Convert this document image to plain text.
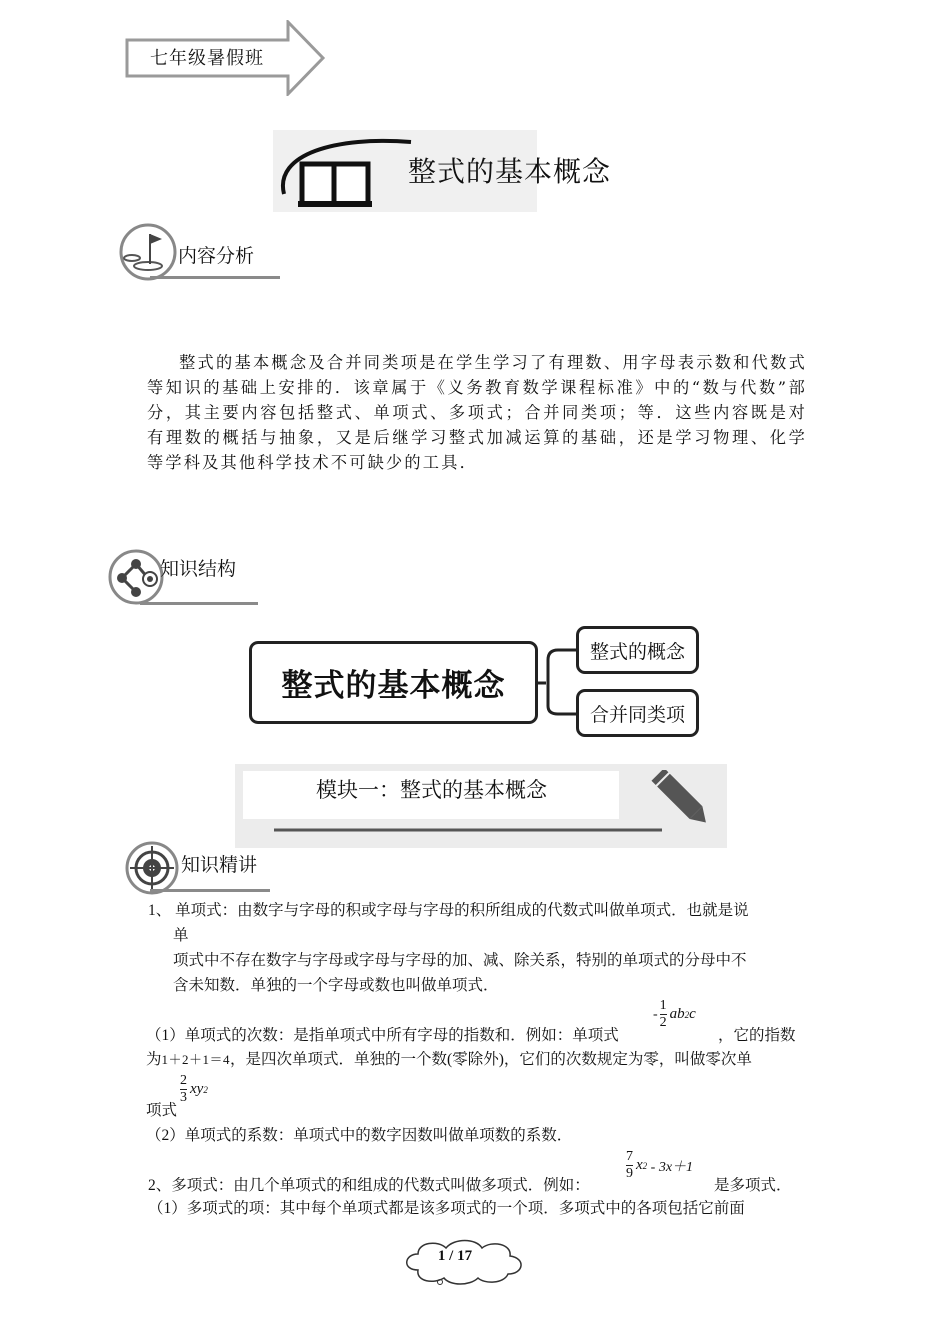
七年级暑假班
整式的基本概念
内容分析
整式的基本概念及合并同类项是在学生学习了有理数、用字母表示数和代数式等知识的基础上安排的．该章属于《义务教育数学课程标准》中的“数与代数”部分，其主要内容包括整式、单项式、多项式；合并同类项；等．这些内容既是对有理数的概括与抽象，又是后继学习整式加减运算的基础，还是学习物理、化学等学科及其他科学技术不可缺少的工具．
知识结构
整式的基本概念
整式的概念
合并同类项
模块一：整式的基本概念
知识精讲
1、 单项式：由数字与字母的积或字母与字母的积所组成的代数式叫做单项式．也就是说
单
项式中不存在数字与字母或字母与字母的加、减、除关系，特别的单项式的分母中不
含未知数．单独的一个字母或数也叫做单项式．
- $\frac{1}{2}$ ab 2 c
（1）单项式的次数：是指单项式中所有字母的指数和．例如：单项式	，它的指数
为1＋2＋1＝4，是四次单项式．单独的一个数(零除外)，它们的次数规定为零，叫做零次单
$\frac{2}{3}$ xy 2
项式
（2）单项式的系数：单项式中的数字因数叫做单项数的系数．
$\frac{7}{9}$ x 2 - 3x＋1
2、多项式：由几个单项式的和组成的代数式叫做多项式．例如：	是多项式．
（1）多项式的项：其中每个单项式都是该多项式的一个项．多项式中的各项包括它前面
1 / 17
